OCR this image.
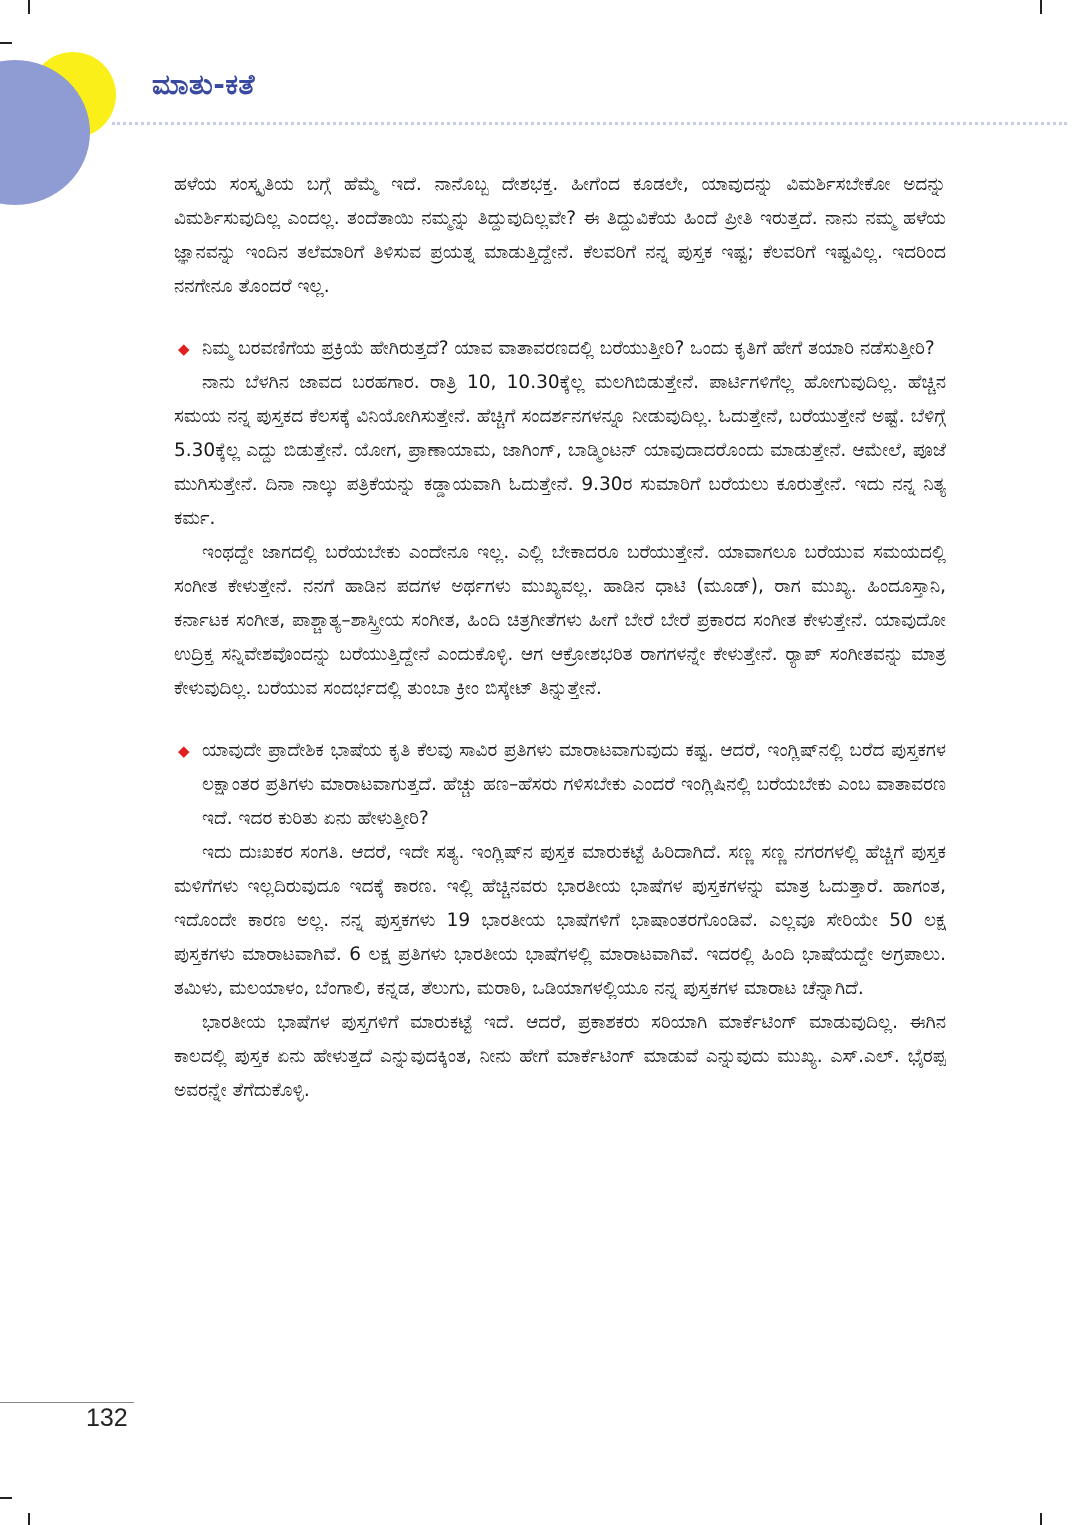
ಮಾತು-ಕತೆ

ಹಳೆಯ ಸಂಸ್ಕೃತಿಯ ಬಗ್ಗೆ ಹೆಮ್ಮೆ ಇದೆ. ನಾನೊಬ್ಬ ದೇಶಭಕ್ತ. ಹೀಗೆಂದ ಕೂಡಲೇ, ಯಾವುದನ್ನು ವಿಮರ್ಶಿಸಬೇಕೋ ಅದನ್ನು ವಿಮರ್ಶಿಸುವುದಿಲ್ಲ ಎಂದಲ್ಲ. ತಂದೆತಾಯಿ ನಮ್ಮನ್ನು ತಿದ್ದುವುದಿಲ್ಲವೇ? ಈ ತಿದ್ದುವಿಕೆಯ ಹಿಂದೆ ಪ್ರೀತಿ ಇರುತ್ತದೆ. ನಾನು ನಮ್ಮ ಹಳೆಯ ಜ್ಞಾನವನ್ನು ಇಂದಿನ ತಲೆಮಾರಿಗೆ ತಿಳಿಸುವ ಪ್ರಯತ್ನ ಮಾಡುತ್ತಿದ್ದೇನೆ. ಕೆಲವರಿಗೆ ನನ್ನ ಪುಸ್ತಕ ಇಷ್ಟ; ಕೆಲವರಿಗೆ ಇಷ್ಟವಿಲ್ಲ. ಇದರಿಂದ ನನಗೇನೂ ತೊಂದರೆ ಇಲ್ಲ.

◆ ನಿಮ್ಮ ಬರವಣಿಗೆಯ ಪ್ರಕ್ರಿಯೆ ಹೇಗಿರುತ್ತದೆ? ಯಾವ ವಾತಾವರಣದಲ್ಲಿ ಬರೆಯುತ್ತೀರಿ? ಒಂದು ಕೃತಿಗೆ ಹೇಗೆ ತಯಾರಿ ನಡೆಸುತ್ತೀರಿ?

ನಾನು ಬೆಳಗಿನ ಜಾವದ ಬರಹಗಾರ. ರಾತ್ರಿ 10, 10.30ಕ್ಕೆಲ್ಲ ಮಲಗಿಬಿಡುತ್ತೇನೆ. ಪಾರ್ಟಿಗಳಿಗೆಲ್ಲ ಹೋಗುವುದಿಲ್ಲ. ಹೆಚ್ಚಿನ ಸಮಯ ನನ್ನ ಪುಸ್ತಕದ ಕೆಲಸಕ್ಕೆ ವಿನಿಯೋಗಿಸುತ್ತೇನೆ. ಹೆಚ್ಚಿಗೆ ಸಂದರ್ಶನಗಳನ್ನೂ ನೀಡುವುದಿಲ್ಲ. ಓದುತ್ತೇನೆ, ಬರೆಯುತ್ತೇನೆ ಅಷ್ಟೆ. ಬೆಳಿಗ್ಗೆ 5.30ಕ್ಕೆಲ್ಲ ಎದ್ದು ಬಿಡುತ್ತೇನೆ. ಯೋಗ, ಪ್ರಾಣಾಯಾಮ, ಜಾಗಿಂಗ್, ಬಾಡ್ಮಿಂಟನ್ ಯಾವುದಾದರೊಂದು ಮಾಡುತ್ತೇನೆ. ಆಮೇಲೆ, ಪೂಜೆ ಮುಗಿಸುತ್ತೇನೆ. ದಿನಾ ನಾಲ್ಕು ಪತ್ರಿಕೆಯನ್ನು ಕಡ್ಡಾಯವಾಗಿ ಓದುತ್ತೇನೆ. 9.30ರ ಸುಮಾರಿಗೆ ಬರೆಯಲು ಕೂರುತ್ತೇನೆ. ಇದು ನನ್ನ ನಿತ್ಯ ಕರ್ಮ.

ಇಂಥದ್ದೇ ಜಾಗದಲ್ಲಿ ಬರೆಯಬೇಕು ಎಂದೇನೂ ಇಲ್ಲ. ಎಲ್ಲಿ ಬೇಕಾದರೂ ಬರೆಯುತ್ತೇನೆ. ಯಾವಾಗಲೂ ಬರೆಯುವ ಸಮಯದಲ್ಲಿ ಸಂಗೀತ ಕೇಳುತ್ತೇನೆ. ನನಗೆ ಹಾಡಿನ ಪದಗಳ ಅರ್ಥಗಳು ಮುಖ್ಯವಲ್ಲ. ಹಾಡಿನ ಧಾಟಿ (ಮೂಡ್), ರಾಗ ಮುಖ್ಯ. ಹಿಂದೂಸ್ತಾನಿ, ಕರ್ನಾಟಕ ಸಂಗೀತ, ಪಾಶ್ಚಾತ್ಯ–ಶಾಸ್ತ್ರೀಯ ಸಂಗೀತ, ಹಿಂದಿ ಚಿತ್ರಗೀತೆಗಳು ಹೀಗೆ ಬೇರೆ ಬೇರೆ ಪ್ರಕಾರದ ಸಂಗೀತ ಕೇಳುತ್ತೇನೆ. ಯಾವುದೋ ಉದ್ರಿಕ್ತ ಸನ್ನಿವೇಶವೊಂದನ್ನು ಬರೆಯುತ್ತಿದ್ದೇನೆ ಎಂದುಕೊಳ್ಳಿ. ಆಗ ಆಕ್ರೋಶಭರಿತ ರಾಗಗಳನ್ನೇ ಕೇಳುತ್ತೇನೆ. ರ್‍ಯಾಪ್ ಸಂಗೀತವನ್ನು ಮಾತ್ರ ಕೇಳುವುದಿಲ್ಲ. ಬರೆಯುವ ಸಂದರ್ಭದಲ್ಲಿ ತುಂಬಾ ಕ್ರೀಂ ಬಿಸ್ಕೇಟ್ ತಿನ್ನುತ್ತೇನೆ.

◆ ಯಾವುದೇ ಪ್ರಾದೇಶಿಕ ಭಾಷೆಯ ಕೃತಿ ಕೆಲವು ಸಾವಿರ ಪ್ರತಿಗಳು ಮಾರಾಟವಾಗುವುದು ಕಷ್ಟ. ಆದರೆ, ಇಂಗ್ಲಿಷ್‌ನಲ್ಲಿ ಬರೆದ ಪುಸ್ತಕಗಳ ಲಕ್ಷಾಂತರ ಪ್ರತಿಗಳು ಮಾರಾಟವಾಗುತ್ತದೆ. ಹೆಚ್ಚು ಹಣ–ಹೆಸರು ಗಳಿಸಬೇಕು ಎಂದರೆ ಇಂಗ್ಲಿಷಿನಲ್ಲಿ ಬರೆಯಬೇಕು ಎಂಬ ವಾತಾವರಣ ಇದೆ. ಇದರ ಕುರಿತು ಏನು ಹೇಳುತ್ತೀರಿ?

ಇದು ದುಃಖಕರ ಸಂಗತಿ. ಆದರೆ, ಇದೇ ಸತ್ಯ. ಇಂಗ್ಲಿಷ್‌ನ ಪುಸ್ತಕ ಮಾರುಕಟ್ಟೆ ಹಿರಿದಾಗಿದೆ. ಸಣ್ಣ ಸಣ್ಣ ನಗರಗಳಲ್ಲಿ ಹೆಚ್ಚಿಗೆ ಪುಸ್ತಕ ಮಳಿಗೆಗಳು ಇಲ್ಲದಿರುವುದೂ ಇದಕ್ಕೆ ಕಾರಣ. ಇಲ್ಲಿ ಹೆಚ್ಚಿನವರು ಭಾರತೀಯ ಭಾಷೆಗಳ ಪುಸ್ತಕಗಳನ್ನು ಮಾತ್ರ ಓದುತ್ತಾರೆ. ಹಾಗಂತ, ಇದೊಂದೇ ಕಾರಣ ಅಲ್ಲ. ನನ್ನ ಪುಸ್ತಕಗಳು 19 ಭಾರತೀಯ ಭಾಷೆಗಳಿಗೆ ಭಾಷಾಂತರಗೊಂಡಿವೆ. ಎಲ್ಲವೂ ಸೇರಿಯೇ 50 ಲಕ್ಷ ಪುಸ್ತಕಗಳು ಮಾರಾಟವಾಗಿವೆ. 6 ಲಕ್ಷ ಪ್ರತಿಗಳು ಭಾರತೀಯ ಭಾಷೆಗಳಲ್ಲಿ ಮಾರಾಟವಾಗಿವೆ. ಇದರಲ್ಲಿ ಹಿಂದಿ ಭಾಷೆಯದ್ದೇ ಅಗ್ರಪಾಲು. ತಮಿಳು, ಮಲಯಾಳಂ, ಬೆಂಗಾಲಿ, ಕನ್ನಡ, ತೆಲುಗು, ಮರಾಠಿ, ಒಡಿಯಾಗಳಲ್ಲಿಯೂ ನನ್ನ ಪುಸ್ತಕಗಳ ಮಾರಾಟ ಚೆನ್ನಾಗಿದೆ.

ಭಾರತೀಯ ಭಾಷೆಗಳ ಪುಸ್ತಗಳಿಗೆ ಮಾರುಕಟ್ಟೆ ಇದೆ. ಆದರೆ, ಪ್ರಕಾಶಕರು ಸರಿಯಾಗಿ ಮಾರ್ಕೆಟಿಂಗ್ ಮಾಡುವುದಿಲ್ಲ. ಈಗಿನ ಕಾಲದಲ್ಲಿ ಪುಸ್ತಕ ಏನು ಹೇಳುತ್ತದೆ ಎನ್ನುವುದಕ್ಕಿಂತ, ನೀನು ಹೇಗೆ ಮಾರ್ಕೆಟಿಂಗ್ ಮಾಡುವೆ ಎನ್ನುವುದು ಮುಖ್ಯ. ಎಸ್.ಎಲ್. ಭೈರಪ್ಪ ಅವರನ್ನೇ ತೆಗೆದುಕೊಳ್ಳಿ.

132
